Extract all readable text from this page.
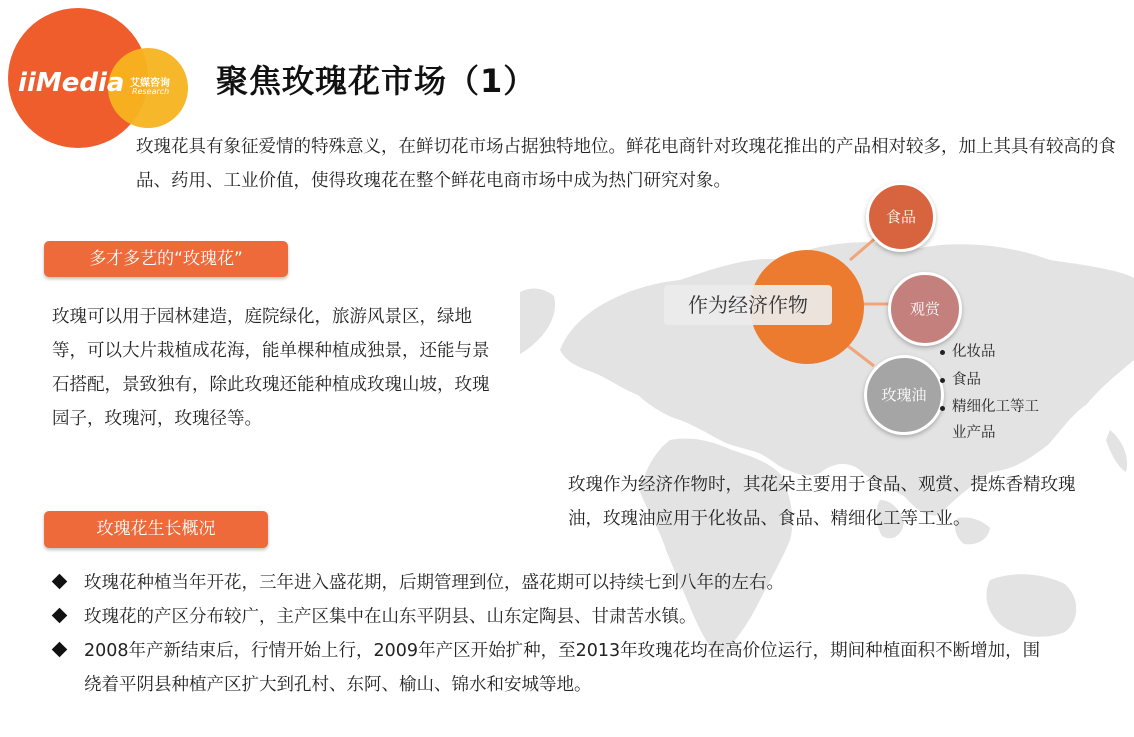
iiMedia 艾媒咨询
Research 聚焦玫瑰花市场（1）
玫瑰花具有象征爱情的特殊意义，在鲜切花市场占据独特地位。鲜花电商针对玫瑰花推出的产品相对较多，加上其具有较高的食品、药用、工业价值，使得玫瑰花在整个鲜花电商市场中成为热门研究对象。
多才多艺的“玫瑰花”
玫瑰可以用于园林建造，庭院绿化，旅游风景区，绿地等，可以大片栽植成花海，能单棵种植成独景，还能与景石搭配，景致独有，除此玫瑰还能种植成玫瑰山坡，玫瑰园子，玫瑰河，玫瑰径等。
作为经济作物
食品
观赏
玫瑰油
化妆品
食品
精细化工等工
业产品
玫瑰作为经济作物时，其花朵主要用于食品、观赏、提炼香精玫瑰油，玫瑰油应用于化妆品、食品、精细化工等工业。
玫瑰花生长概况
玫瑰花种植当年开花，三年进入盛花期，后期管理到位，盛花期可以持续七到八年的左右。
玫瑰花的产区分布较广，主产区集中在山东平阴县、山东定陶县、甘肃苦水镇。
2008年产新结束后，行情开始上行，2009年产区开始扩种，至2013年玫瑰花均在高价位运行，期间种植面积不断增加，围绕着平阴县种植产区扩大到孔村、东阿、榆山、锦水和安城等地。
